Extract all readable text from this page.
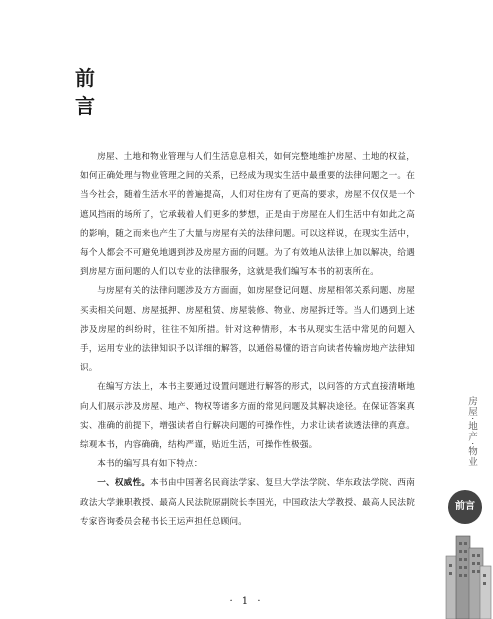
前
言

房屋、土地和物业管理与人们生活息息相关，如何完整地维护房屋、土地的权益，如何正确处理与物业管理之间的关系，已经成为现实生活中最重要的法律问题之一。在当今社会，随着生活水平的普遍提高，人们对住房有了更高的要求，房屋不仅仅是一个遮风挡雨的场所了，它承载着人们更多的梦想，正是由于房屋在人们生活中有如此之高的影响，随之而来也产生了大量与房屋有关的法律问题。可以这样说，在现实生活中，每个人都会不可避免地遇到涉及房屋方面的问题。为了有效地从法律上加以解决，给遇到房屋方面问题的人们以专业的法律服务，这就是我们编写本书的初衷所在。

与房屋有关的法律问题涉及方方面面，如房屋登记问题、房屋相邻关系问题、房屋买卖相关问题、房屋抵押、房屋租赁、房屋装修、物业、房屋拆迁等。当人们遇到上述涉及房屋的纠纷时，往往不知所措。针对这种情形，本书从现实生活中常见的问题入手，运用专业的法律知识予以详细的解答，以通俗易懂的语言向读者传输房地产法律知识。

在编写方法上，本书主要通过设置问题进行解答的形式，以问答的方式直接清晰地向人们展示涉及房屋、地产、物权等诸多方面的常见问题及其解决途径。在保证答案真实、准确的前提下，增强读者自行解决问题的可操作性，力求让读者读透法律的真意。综观本书，内容确确，结构严谨，贴近生活，可操作性极强。

本书的编写具有如下特点：

一、权威性。本书由中国著名民商法学家、复旦大学法学院、华东政法学院、西南政法大学兼职教授、最高人民法院原副院长李国光，中国政法大学教授、最高人民法院专家咨询委员会秘书长王运声担任总顾问。

· 1 ·
房屋·地产·物业
前言
